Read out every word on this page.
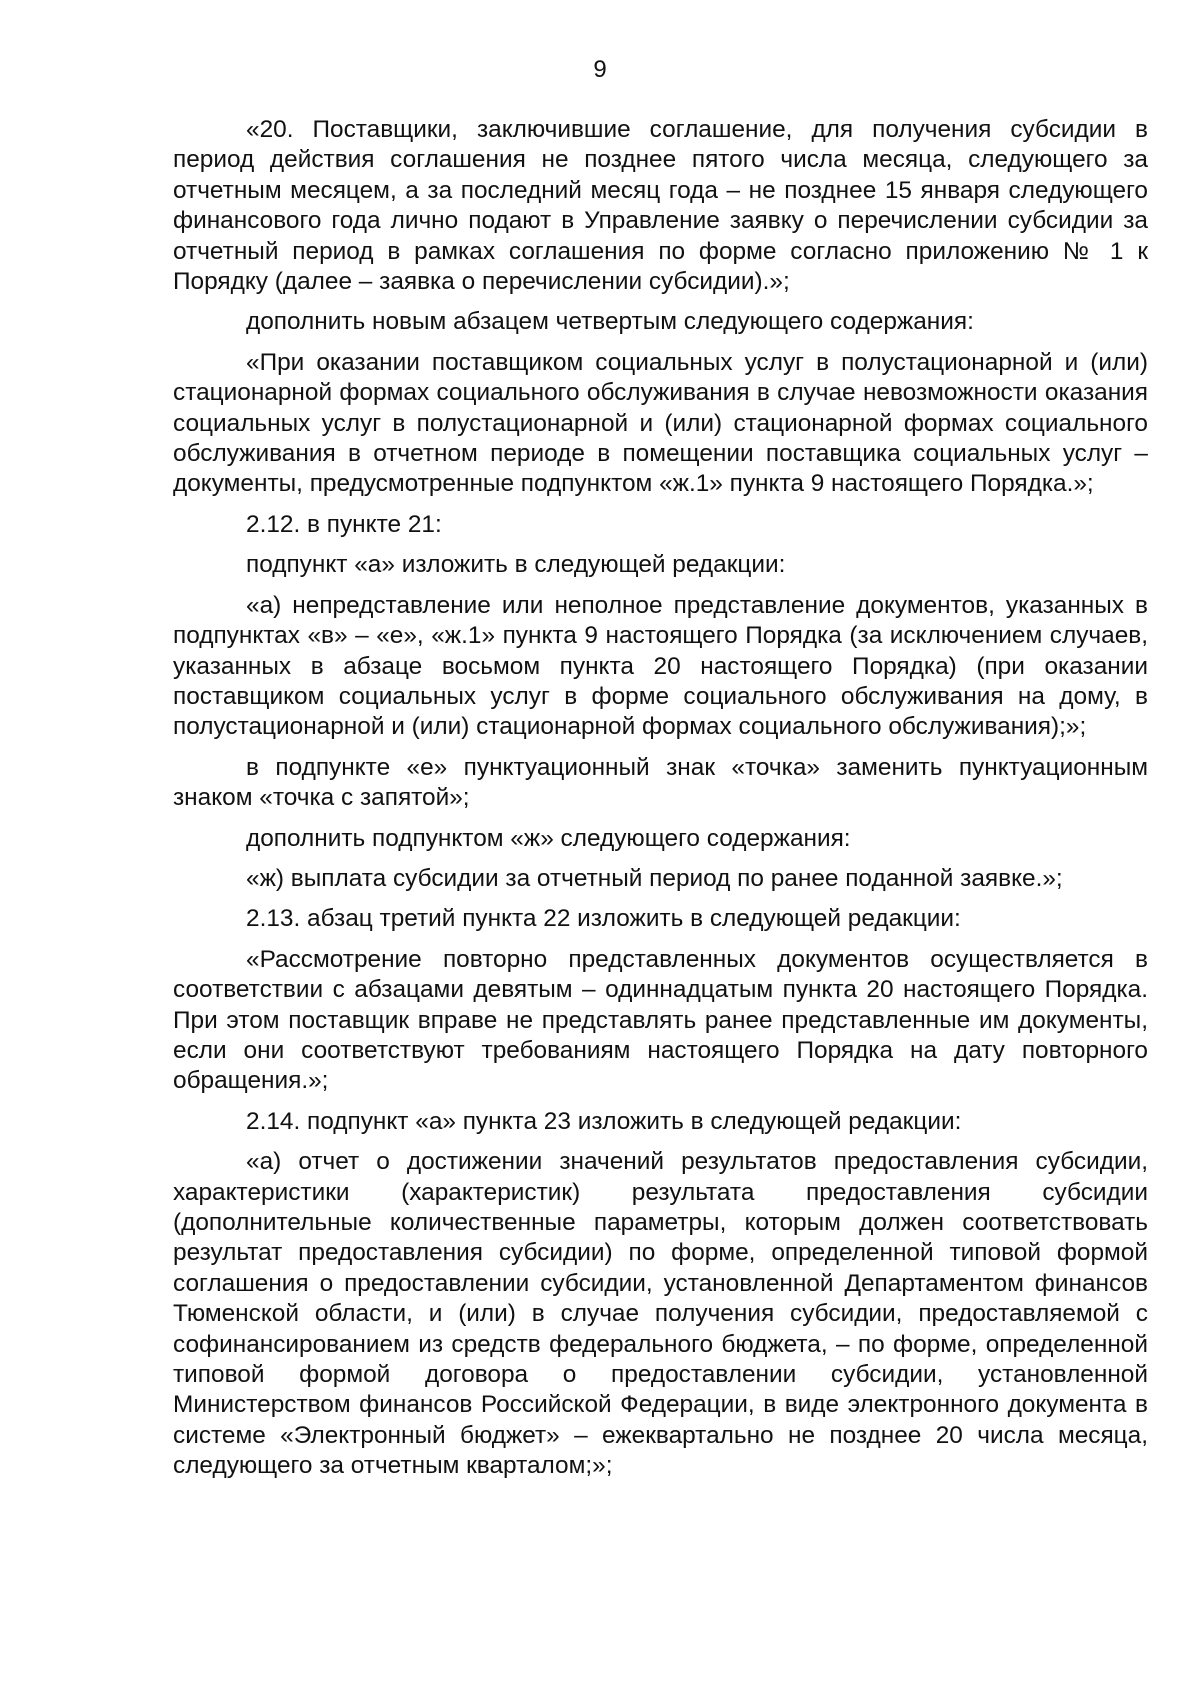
9

«20. Поставщики, заключившие соглашение, для получения субсидии в период действия соглашения не позднее пятого числа месяца, следующего за отчетным месяцем, а за последний месяц года – не позднее 15 января следующего финансового года лично подают в Управление заявку о перечислении субсидии за отчетный период в рамках соглашения по форме согласно приложению № 1 к Порядку (далее – заявка о перечислении субсидии).»;

дополнить новым абзацем четвертым следующего содержания:

«При оказании поставщиком социальных услуг в полустационарной и (или) стационарной формах социального обслуживания в случае невозможности оказания социальных услуг в полустационарной и (или) стационарной формах социального обслуживания в отчетном периоде в помещении поставщика социальных услуг – документы, предусмотренные подпунктом «ж.1» пункта 9 настоящего Порядка.»;

2.12. в пункте 21:

подпункт «а» изложить в следующей редакции:

«а) непредставление или неполное представление документов, указанных в подпунктах «в» – «е», «ж.1» пункта 9 настоящего Порядка (за исключением случаев, указанных в абзаце восьмом пункта 20 настоящего Порядка) (при оказании поставщиком социальных услуг в форме социального обслуживания на дому, в полустационарной и (или) стационарной формах социального обслуживания);»;

в подпункте «е» пунктуационный знак «точка» заменить пунктуационным знаком «точка с запятой»;

дополнить подпунктом «ж» следующего содержания:

«ж) выплата субсидии за отчетный период по ранее поданной заявке.»;

2.13. абзац третий пункта 22 изложить в следующей редакции:

«Рассмотрение повторно представленных документов осуществляется в соответствии с абзацами девятым – одиннадцатым пункта 20 настоящего Порядка. При этом поставщик вправе не представлять ранее представленные им документы, если они соответствуют требованиям настоящего Порядка на дату повторного обращения.»;

2.14. подпункт «а» пункта 23 изложить в следующей редакции:

«а) отчет о достижении значений результатов предоставления субсидии, характеристики (характеристик) результата предоставления субсидии (дополнительные количественные параметры, которым должен соответствовать результат предоставления субсидии) по форме, определенной типовой формой соглашения о предоставлении субсидии, установленной Департаментом финансов Тюменской области, и (или) в случае получения субсидии, предоставляемой с софинансированием из средств федерального бюджета, – по форме, определенной типовой формой договора о предоставлении субсидии, установленной Министерством финансов Российской Федерации, в виде электронного документа в системе «Электронный бюджет» – ежеквартально не позднее 20 числа месяца, следующего за отчетным кварталом;»;
